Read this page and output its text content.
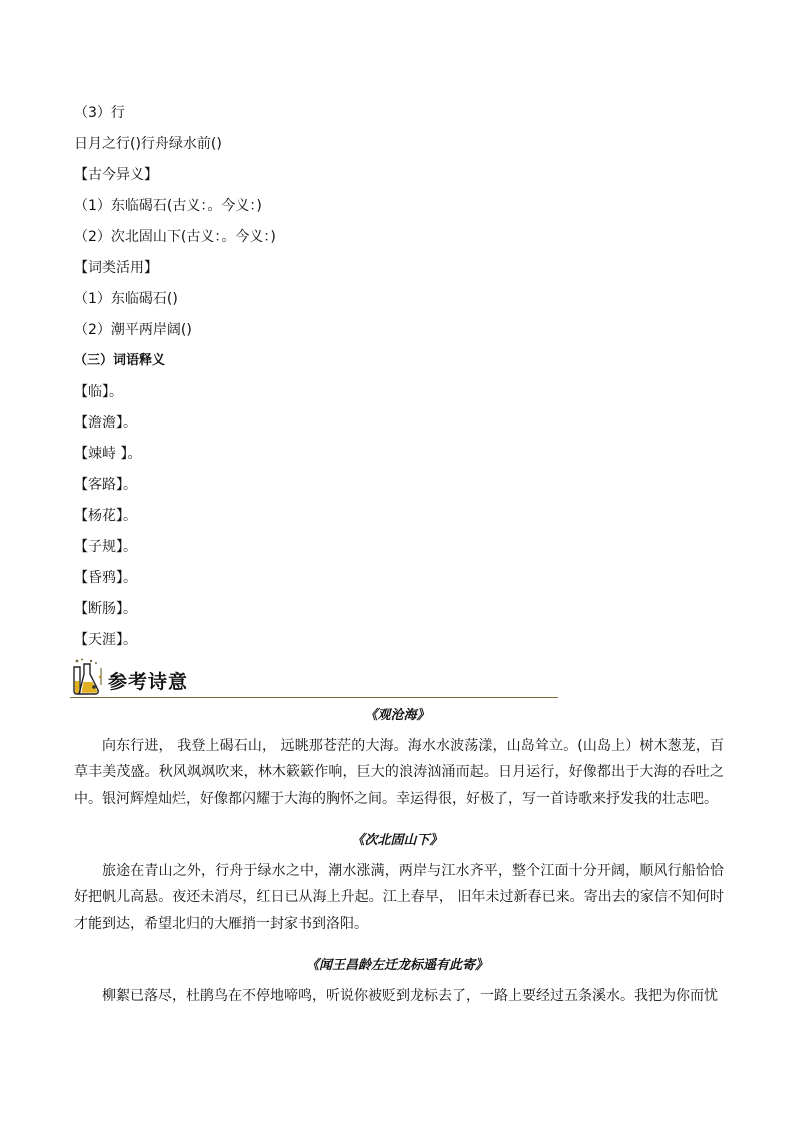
（3）行
日月之行()行舟绿水前()
【古今异义】
（1）东临碣石(古义：。今义：)
（2）次北固山下(古义：。今义：)
【词类活用】
（1）东临碣石()
（2）潮平两岸阔()
（三）词语释义
【临】。
【澹澹】。
【竦峙 】。
【客路】。
【杨花】。
【子规】。
【昏鸦】。
【断肠】。
【天涯】。
参考诗意
《观沧海》

向东行进， 我登上碣石山， 远眺那苍茫的大海。海水水波荡漾，山岛耸立。(山岛上）树木葱茏，百草丰美茂盛。秋风飒飒吹来，林木簌簌作响，巨大的浪涛汹涌而起。日月运行，好像都出于大海的吞吐之中。银河辉煌灿烂，好像都闪耀于大海的胸怀之间。幸运得很，好极了，写一首诗歌来抒发我的壮志吧。

《次北固山下》

旅途在青山之外，行舟于绿水之中，潮水涨满，两岸与江水齐平，整个江面十分开阔，顺风行船恰恰好把帆儿高悬。夜还未消尽，红日已从海上升起。江上春早， 旧年未过新春已来。寄出去的家信不知何时才能到达，希望北归的大雁捎一封家书到洛阳。

《闻王昌龄左迁龙标遥有此寄》

柳絮已落尽，杜鹃鸟在不停地啼鸣，听说你被贬到龙标去了，一路上要经过五条溪水。我把为你而忧
